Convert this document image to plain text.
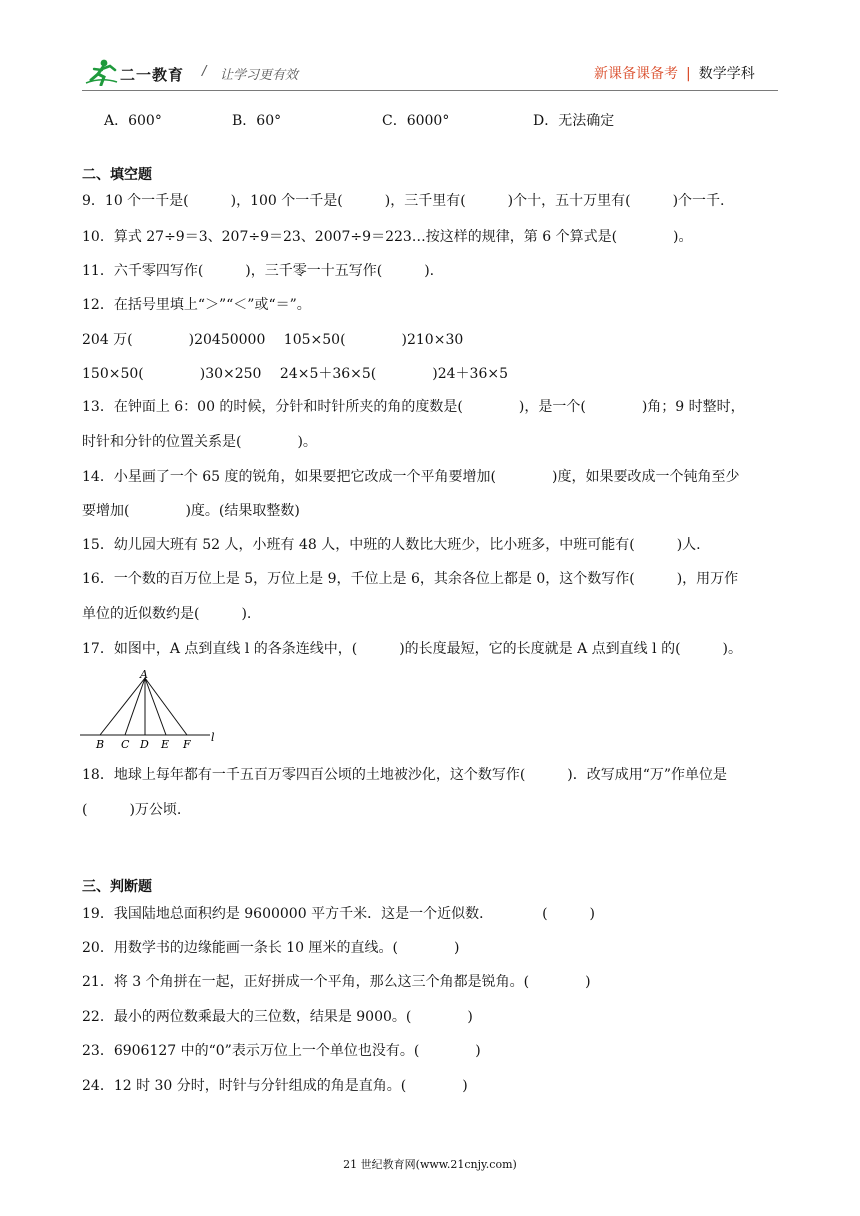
二一教育 / 让学习更有效	新课备课备考 | 数学学科
A．600°	B．60°	C．6000°	D．无法确定
二、填空题
9．10 个一千是(　　　)，100 个一千是(　　　)，三千里有(　　　)个十，五十万里有(　　　)个一千.
10．算式 27÷9＝3、207÷9＝23、2007÷9＝223…按这样的规律，第 6 个算式是(　　　　)。
11．六千零四写作(　　　)，三千零一十五写作(　　　).
12．在括号里填上“＞”“＜”或“＝”。
204 万(　　　　)20450000　 105×50(　　　　)210×30
150×50(　　　　)30×250　 24×5＋36×5(　　　　)24＋36×5
13．在钟面上 6：00 的时候，分针和时针所夹的角的度数是(　　　　)，是一个(　　　　)角；9 时整时，
时针和分针的位置关系是(　　　　)。
14．小星画了一个 65 度的锐角，如果要把它改成一个平角要增加(　　　　)度，如果要改成一个钝角至少
要增加(　　　　)度。(结果取整数)
15．幼儿园大班有 52 人，小班有 48 人，中班的人数比大班少，比小班多，中班可能有(　　　)人.
16．一个数的百万位上是 5，万位上是 9，千位上是 6，其余各位上都是 0，这个数写作(　　　)，用万作
单位的近似数约是(　　　).
17．如图中，A 点到直线 l 的各条连线中，(　　　)的长度最短，它的长度就是 A 点到直线 l 的(　　　)。
A
B C D E F
l
18．地球上每年都有一千五百万零四百公顷的土地被沙化，这个数写作(　　　)．改写成用“万”作单位是
(　　　)万公顷.
三、判断题
19．我国陆地总面积约是 9600000 平方千米．这是一个近似数．　　　　(　　　)
20．用数学书的边缘能画一条长 10 厘米的直线。(　　　　)
21．将 3 个角拼在一起，正好拼成一个平角，那么这三个角都是锐角。(　　　　)
22．最小的两位数乘最大的三位数，结果是 9000。(　　　　)
23．6906127 中的“0”表示万位上一个单位也没有。(　　　　)
24．12 时 30 分时，时针与分针组成的角是直角。(　　　　)
21 世纪教育网(www.21cnjy.com)
